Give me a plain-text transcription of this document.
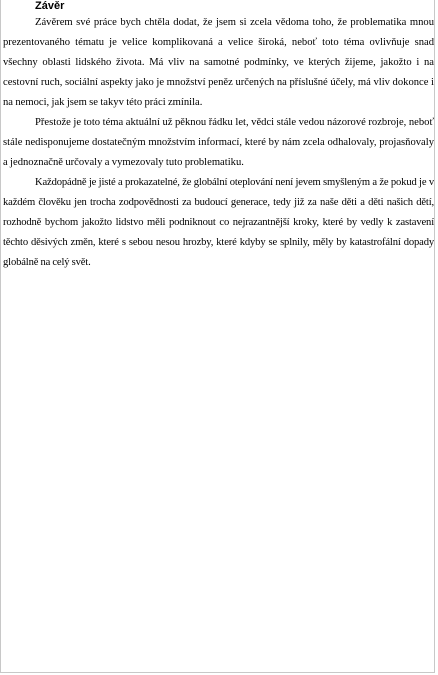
Závěr

Závěrem své práce bych chtěla dodat, že jsem si zcela vědoma toho, že problematika mnou prezentovaného tématu je velice komplikovaná a velice široká, neboť toto téma ovlivňuje snad všechny oblasti lidského života. Má vliv na samotné podmínky, ve kterých žijeme, jakožto i na cestovní ruch, sociální aspekty jako je množství peněz určených na příslušné účely, má vliv dokonce i na nemoci, jak jsem se takyv této práci zmínila.

Přestože je toto téma aktuální už pěknou řádku let, vědci stále vedou názorové rozbroje, neboť stále nedisponujeme dostatečným množstvím informací, které by nám zcela odhalovaly, projasňovaly a jednoznačně určovaly a vymezovaly tuto problematiku.

Každopádně je jisté a prokazatelné, že globální oteplování není jevem smyšleným a že pokud je v každém člověku jen trocha zodpovědnosti za budoucí generace, tedy již za naše děti a děti našich dětí, rozhodně bychom jakožto lidstvo měli podniknout co nejrazantnější kroky, které by vedly k zastavení těchto děsivých změn, které s sebou nesou hrozby, které kdyby se splnily, měly by katastrofální dopady globálně na celý svět.
